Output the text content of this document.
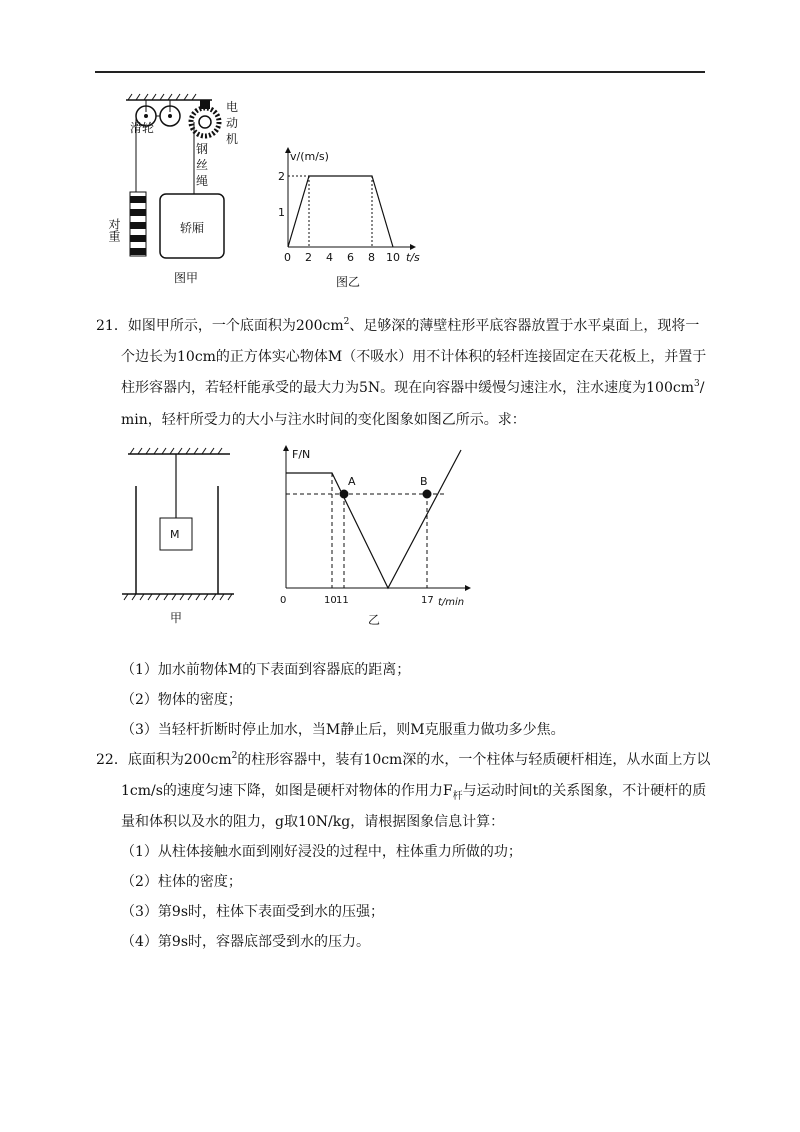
滑轮
对重	轿厢
图甲
电动机
钢丝绳
v/(m/s)
1
2
0 2 4 6 8 10 t/s
图乙
21．如图甲所示，一个底面积为$200cm^2$、足够深的薄壁柱形平底容器放置于水平桌面上，现将一
个边长为10cm的正方体实心物体M（不吸水）用不计体积的轻杆连接固定在天花板上，并置于
柱形容器内，若轻杆能承受的最大力为5N。现在向容器中缓慢匀速注水，注水速度为$100cm^3/$
min，轻杆所受力的大小与注水时间的变化图象如图乙所示。求：
M
甲
F/N
A	B
0	10 11	17 t/min
乙
（1）加水前物体M的下表面到容器底的距离；
（2）物体的密度；
（3）当轻杆折断时停止加水，当M静止后，则M克服重力做功多少焦。
22．底面积为$200cm^2$的柱形容器中，装有10cm深的水，一个柱体与轻质硬杆相连，从水面上方以
1cm/s的速度匀速下降，如图是硬杆对物体的作用力$F_杆$与运动时间t的关系图象，不计硬杆的质
量和体积以及水的阻力，g取10N/kg，请根据图象信息计算：
（1）从柱体接触水面到刚好浸没的过程中，柱体重力所做的功；
（2）柱体的密度；
（3）第9s时，柱体下表面受到水的压强；
（4）第9s时，容器底部受到水的压力。
